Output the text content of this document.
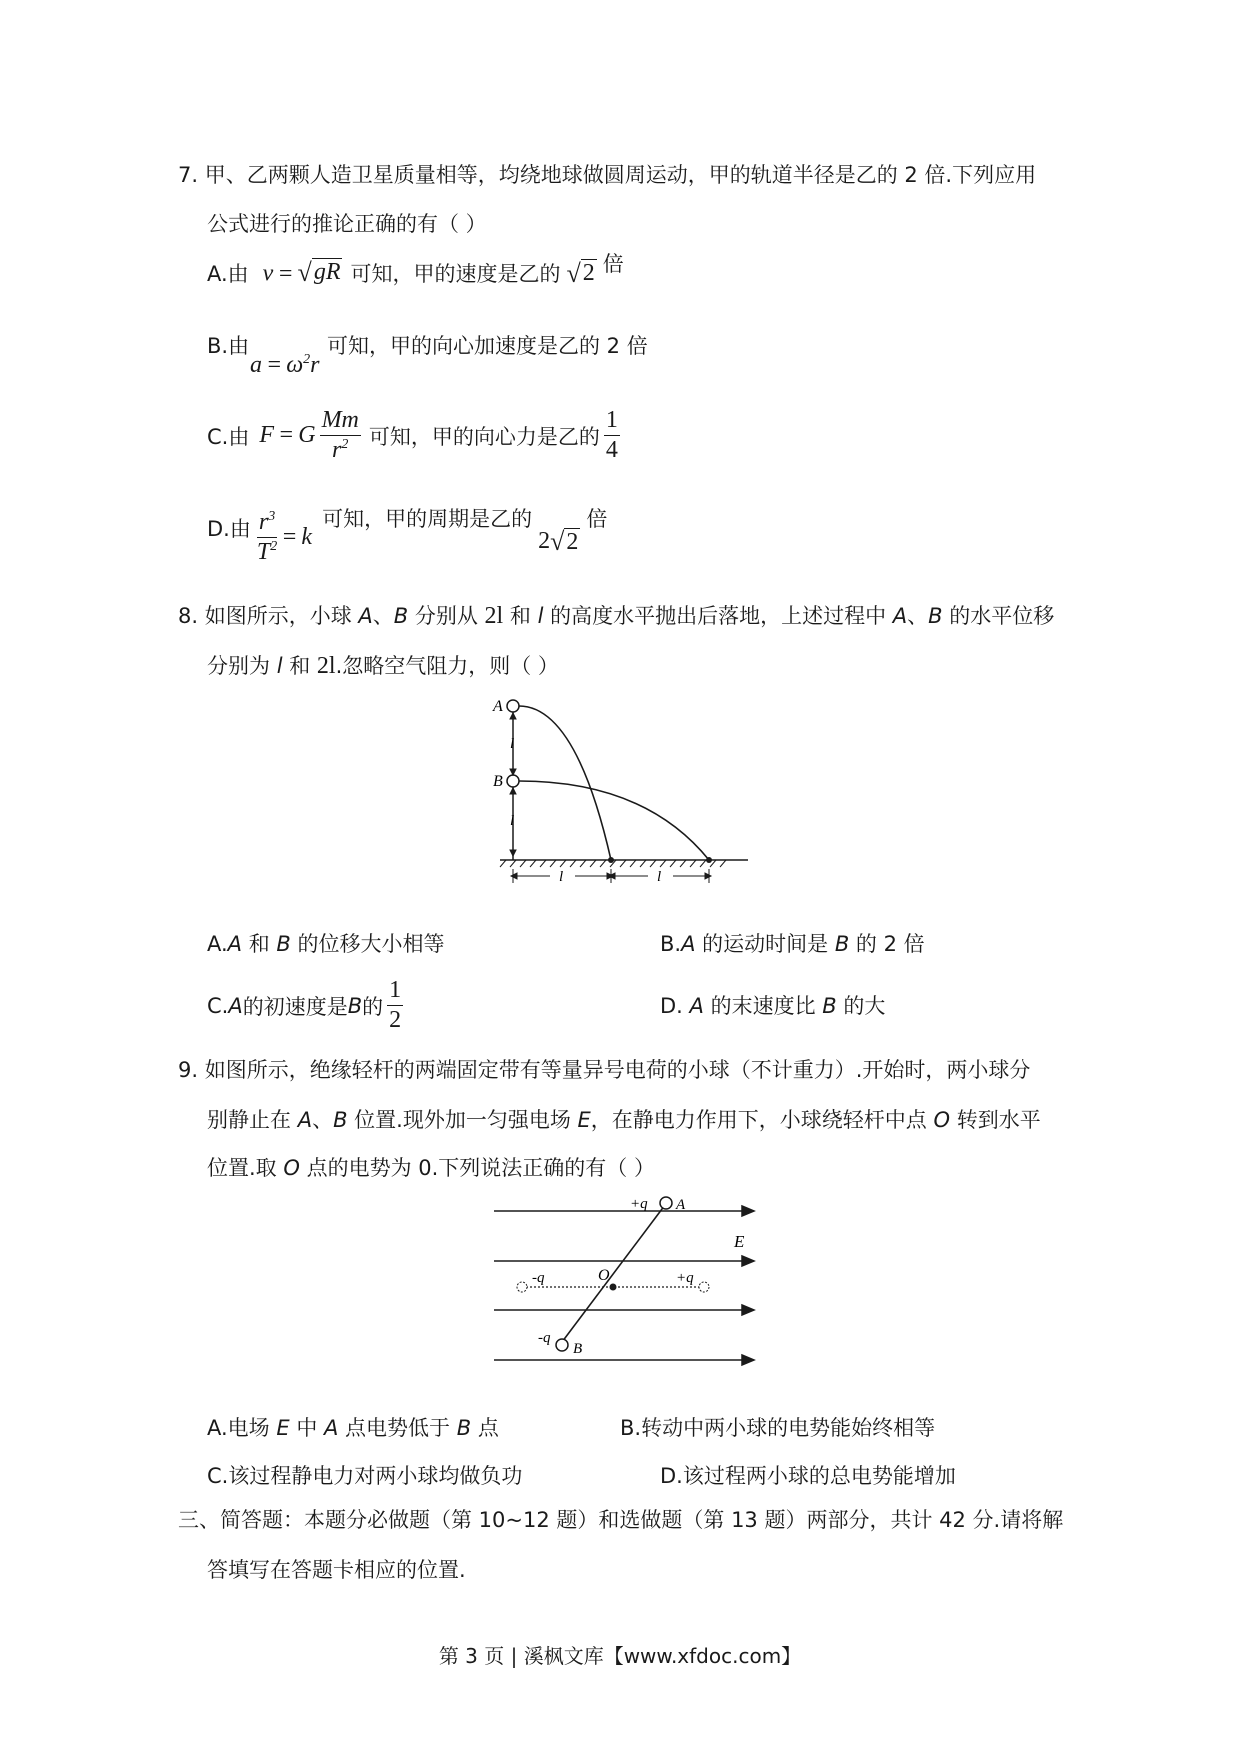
7. 甲、乙两颗人造卫星质量相等，均绕地球做圆周运动，甲的轨道半径是乙的 2 倍.下列应用
公式进行的推论正确的有（ ）
A.由 v = √ gR 可知，甲的速度是乙的 √ 2 倍
B.由
$a = \omega^2r$
可知，甲的向心加速度是乙的 2 倍
C.由 F = G $\frac{Mm}{r^2}$ 可知，甲的向心力是乙的 $\frac{1}{4}$
D.由 $\frac{r^3}{T^2} = k$
可知，甲的周期是乙的
2 √ 2
倍
8. 如图所示，小球 A、B 分别从 2l 和 l 的高度水平抛出后落地，上述过程中 A、B 的水平位移
分别为 l 和 2l.忽略空气阻力，则（ ）
A
B
l
l
l	l
A.A 和 B 的位移大小相等	B.A 的运动时间是 B 的 2 倍
C. A 的初速度是 B 的 $\frac{1}{2}$	D. A 的末速度比 B 的大
9. 如图所示，绝缘轻杆的两端固定带有等量异号电荷的小球（不计重力）.开始时，两小球分
别静止在 A、B 位置.现外加一匀强电场 E，在静电力作用下，小球绕轻杆中点 O 转到水平
位置.取 O 点的电势为 0.下列说法正确的有（ ）
+q A
E
-q	O	+q
-q
B
A.电场 E 中 A 点电势低于 B 点	B.转动中两小球的电势能始终相等
C.该过程静电力对两小球均做负功	D.该过程两小球的总电势能增加
三、简答题：本题分必做题（第 10~12 题）和选做题（第 13 题）两部分，共计 42 分.请将解
答填写在答题卡相应的位置.
第 3 页 | 溪枫文库【www.xfdoc.com】
